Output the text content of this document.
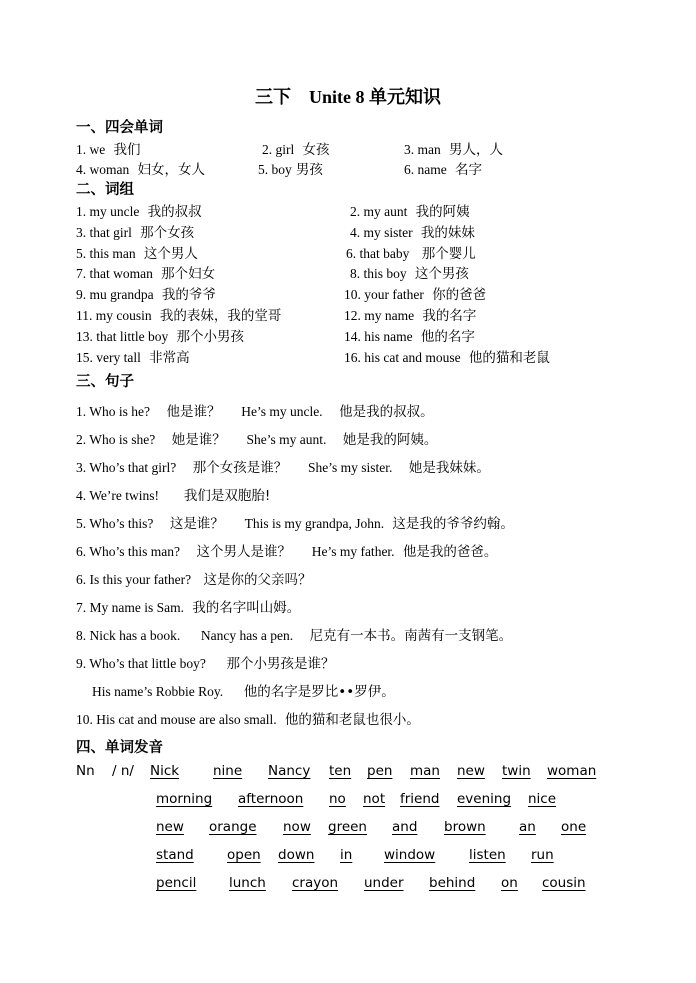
三下　Unite 8 单元知识
一、四会单词
二、词组
三、句子
四、单词发音
1. we 我们	2. girl 女孩	3. man 男人，人
4. woman 妇女，女人	5. boy 男孩	6. name 名字
1. my uncle 我的叔叔	2. my aunt 我的阿姨
3. that girl 那个女孩	4. my sister 我的妹妹
5. this man 这个男人	6. that baby 那个婴儿
7. that woman 那个妇女	8. this boy 这个男孩
9. mu grandpa 我的爷爷	10. your father 你的爸爸
11. my cousin 我的表妹，我的堂哥	12. my name 我的名字
13. that little boy 那个小男孩	14. his name 他的名字
15. very tall 非常高	16. his cat and mouse 他的猫和老鼠
1. Who is he? 他是谁？ He’s my uncle. 他是我的叔叔。
2. Who is she? 她是谁？ She’s my aunt. 她是我的阿姨。
3. Who’s that girl? 那个女孩是谁？ She’s my sister. 她是我妹妹。
4. We’re twins! 我们是双胞胎!
5. Who’s this? 这是谁？ This is my grandpa, John. 这是我的爷爷约翰。
6. Who’s this man? 这个男人是谁？ He’s my father. 他是我的爸爸。
6. Is this your father? 这是你的父亲吗？
7. My name is Sam. 我的名字叫山姆。
8. Nick has a book. Nancy has a pen. 尼克有一本书。南茜有一支钢笔。
9. Who’s that little boy? 那个小男孩是谁？
His name’s Robbie Roy. 他的名字是罗比••罗伊。
10. His cat and mouse are also small. 他的猫和老鼠也很小。
Nn / n/ Nick	nine Nancy ten pen man new twin woman
morning afternoon no not friend evening nice
new orange now green and brown an one
stand open down in window	listen run
pencil lunch crayon under behind on cousin
